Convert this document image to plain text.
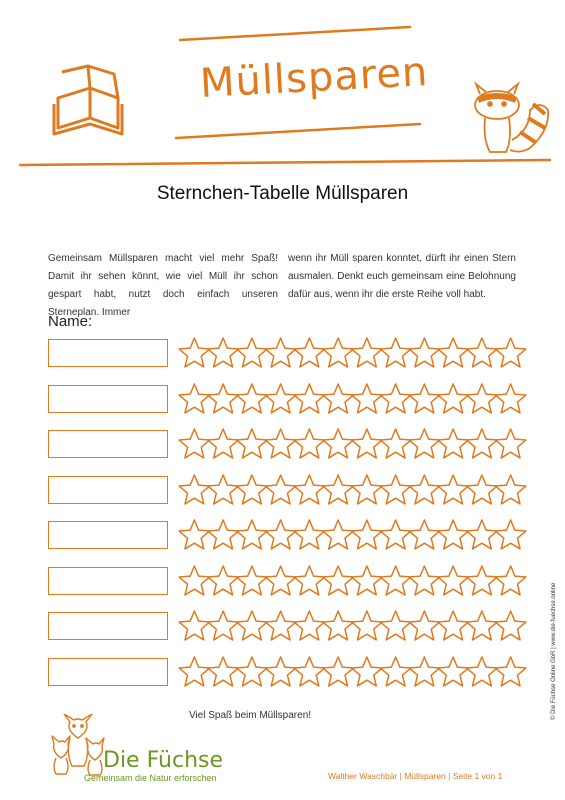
Müllsparen
Sternchen-Tabelle Müllsparen
Gemeinsam Müllsparen macht viel mehr Spaß! Damit ihr sehen könnt, wie viel Müll ihr schon gespart habt, nutzt doch einfach unseren Sterneplan. Immer
wenn ihr Müll sparen konntet, dürft ihr einen Stern ausmalen. Denkt euch gemeinsam eine Belohnung dafür aus, wenn ihr die erste Reihe voll habt.
Name:
Viel Spaß beim Müllsparen!
Die Füchse
Gemeinsam die Natur erforschen	Walther Waschbär | Müllsparen | Seite 1 von 1
© Die Füchse Online GbR | www.die-fuechse.online
